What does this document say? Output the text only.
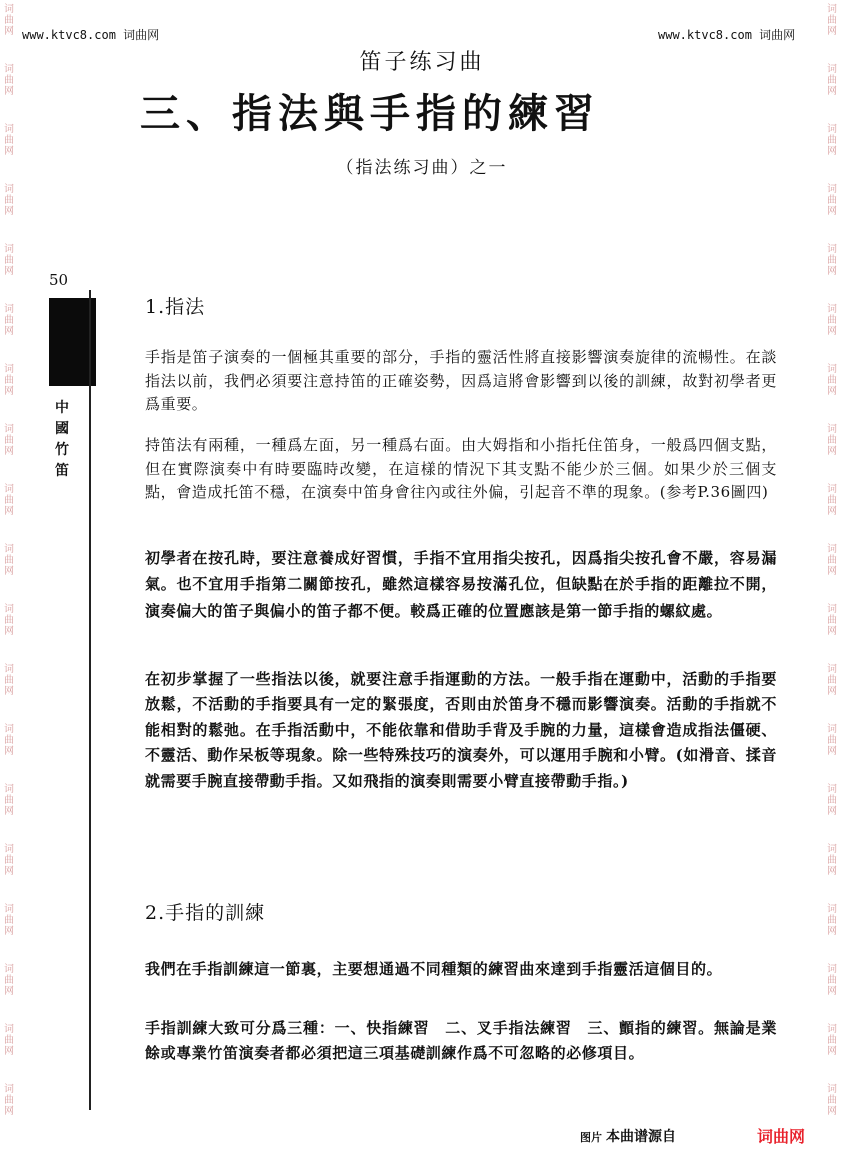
www.ktvc8.com 词曲网	www.ktvc8.com 词曲网
词
曲
网
词
曲
网
词
曲
网
词
曲
网
词
曲
网
词
曲
网
词
曲
网
词
曲
网
词
曲
网
词
曲
网
词
曲
网
词
曲
网
词
曲
网
词
曲
网
词
曲
网
词
曲
网
词
曲
网
词
曲
网
词
曲
网
词
曲
网
词
曲
网
词
曲
网
词
曲
网
词
曲
网
词
曲
网
词
曲
网
词
曲
网
词
曲
网
词
曲
网
词
曲
网
词
曲
网
词
曲
网
词
曲
网
词
曲
网
词
曲
网
词
曲
网
词
曲
网
词
曲
网
笛子练习曲
三、指法與手指的練習
（指法练习曲）之一
50
中
國
竹
笛
1.指法

手指是笛子演奏的一個極其重要的部分，手指的靈活性將直接影響演奏旋律的流暢性。在談指法以前，我們必須要注意持笛的正確姿勢，因爲這將會影響到以後的訓練，故對初學者更爲重要。

持笛法有兩種，一種爲左面，另一種爲右面。由大姆指和小指托住笛身，一般爲四個支點，但在實際演奏中有時要臨時改變，在這樣的情況下其支點不能少於三個。如果少於三個支點，會造成托笛不穩，在演奏中笛身會往內或往外偏，引起音不準的現象。(参考P.36圖四)

初學者在按孔時，要注意養成好習慣，手指不宜用指尖按孔，因爲指尖按孔會不嚴，容易漏氣。也不宜用手指第二關節按孔，雖然這樣容易按滿孔位，但缺點在於手指的距離拉不開，演奏偏大的笛子與偏小的笛子都不便。較爲正確的位置應該是第一節手指的螺紋處。

在初步掌握了一些指法以後，就要注意手指運動的方法。一般手指在運動中，活動的手指要放鬆，不活動的手指要具有一定的緊張度，否則由於笛身不穩而影響演奏。活動的手指就不能相對的鬆弛。在手指活動中，不能依靠和借助手背及手腕的力量，這樣會造成指法僵硬、不靈活、動作呆板等現象。除一些特殊技巧的演奏外，可以運用手腕和小臂。(如滑音、揉音就需要手腕直接帶動手指。又如飛指的演奏則需要小臂直接帶動手指。)

2.手指的訓練

我們在手指訓練這一節裏，主要想通過不同種類的練習曲來達到手指靈活這個目的。

手指訓練大致可分爲三種：一、快指練習　二、叉手指法練習　三、顫指的練習。無論是業餘或專業竹笛演奏者都必須把這三項基礎訓練作爲不可忽略的必修項目。

图片 本曲谱源自	词曲网
